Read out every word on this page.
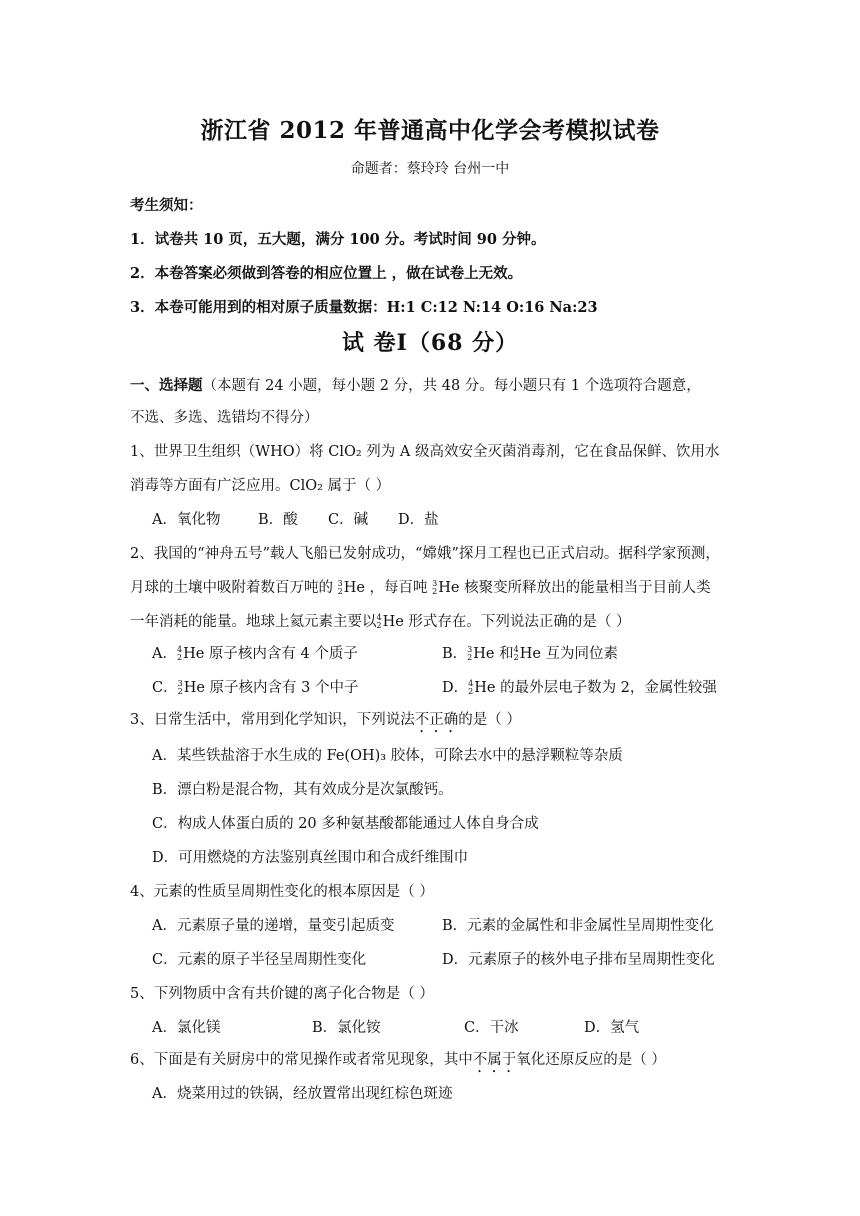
浙江省 2012 年普通高中化学会考模拟试卷
命题者：蔡玲玲 台州一中
考生须知：
1．试卷共 10 页，五大题，满分 100 分。考试时间 90 分钟。
2．本卷答案必须做到答卷的相应位置上 ，做在试卷上无效。
3．本卷可能用到的相对原子质量数据：H:1 C:12 N:14 O:16 Na:23
试 卷Ⅰ（68 分）
一、选择题（本题有 24 小题，每小题 2 分，共 48 分。每小题只有 1 个选项符合题意，
不选、多选、选错均不得分）
1、世界卫生组织（WHO）将 ClO₂ 列为 A 级高效安全灭菌消毒剂，它在食品保鲜、饮用水
消毒等方面有广泛应用。ClO₂ 属于（ ）
A．氧化物	B．酸 C．碱 D．盐
2、我国的“神舟五号”载人飞船已发射成功，“嫦娥”探月工程也已正式启动。据科学家预测，
月球的土壤中吸附着数百万吨的 3
2 He ，每百吨 3
2 He 核聚变所释放出的能量相当于目前人类
一年消耗的能量。地球上氦元素主要以 4
2 He 形式存在。下列说法正确的是（ ）
A． 4
2 He 原子核内含有 4 个质子	B． 3
2 He 和 4
2 He 互为同位素
C． 3
2 He 原子核内含有 3 个中子	D． 4
2 He 的最外层电子数为 2，金属性较强
3、日常生活中，常用到化学知识，下列说法不正确的是（ ）
A．某些铁盐溶于水生成的 Fe(OH)₃ 胶体，可除去水中的悬浮颗粒等杂质
B．漂白粉是混合物，其有效成分是次氯酸钙。
C．构成人体蛋白质的 20 多种氨基酸都能通过人体自身合成
D．可用燃烧的方法鉴别真丝围巾和合成纤维围巾
4、元素的性质呈周期性变化的根本原因是（ ）
A．元素原子量的递增，量变引起质变	B．元素的金属性和非金属性呈周期性变化
C．元素的原子半径呈周期性变化	D．元素原子的核外电子排布呈周期性变化
5、下列物质中含有共价键的离子化合物是（ ）
A．氯化镁	B．氯化铵	C．干冰	D．氢气
6、下面是有关厨房中的常见操作或者常见现象，其中不属于氧化还原反应的是（ ）
A．烧菜用过的铁锅，经放置常出现红棕色斑迹
